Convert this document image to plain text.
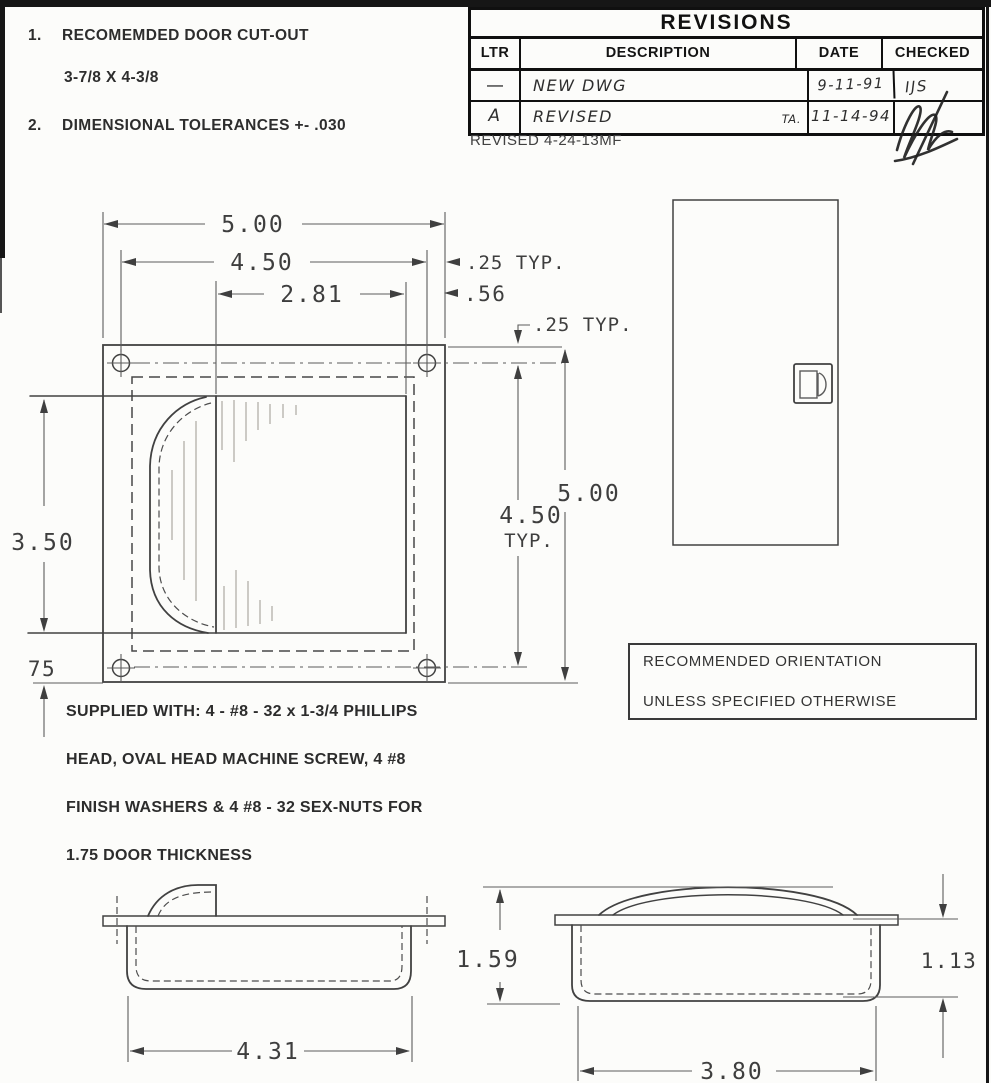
5.00
4.50
2.81
.25 TYP.
.56
.25 TYP.
4.50
TYP.
5.00
3.50
75
4.31
1.59
3.80
1.13
1. RECOMEMDED DOOR CUT-OUT
3-7/8 X 4-3/8
2. DIMENSIONAL TOLERANCES +- .030
REVISIONS
LTR	DESCRIPTION	DATE	CHECKED
—	NEW DWG	9-11-91	IJS
A	REVISED	TA. 11-14-94
REVISED 4-24-13MF
RECOMMENDED ORIENTATION
UNLESS SPECIFIED OTHERWISE
SUPPLIED WITH: 4 - #8 - 32 x 1-3/4 PHILLIPS
HEAD, OVAL HEAD MACHINE SCREW, 4 #8
FINISH WASHERS & 4 #8 - 32 SEX-NUTS FOR
1.75 DOOR THICKNESS
